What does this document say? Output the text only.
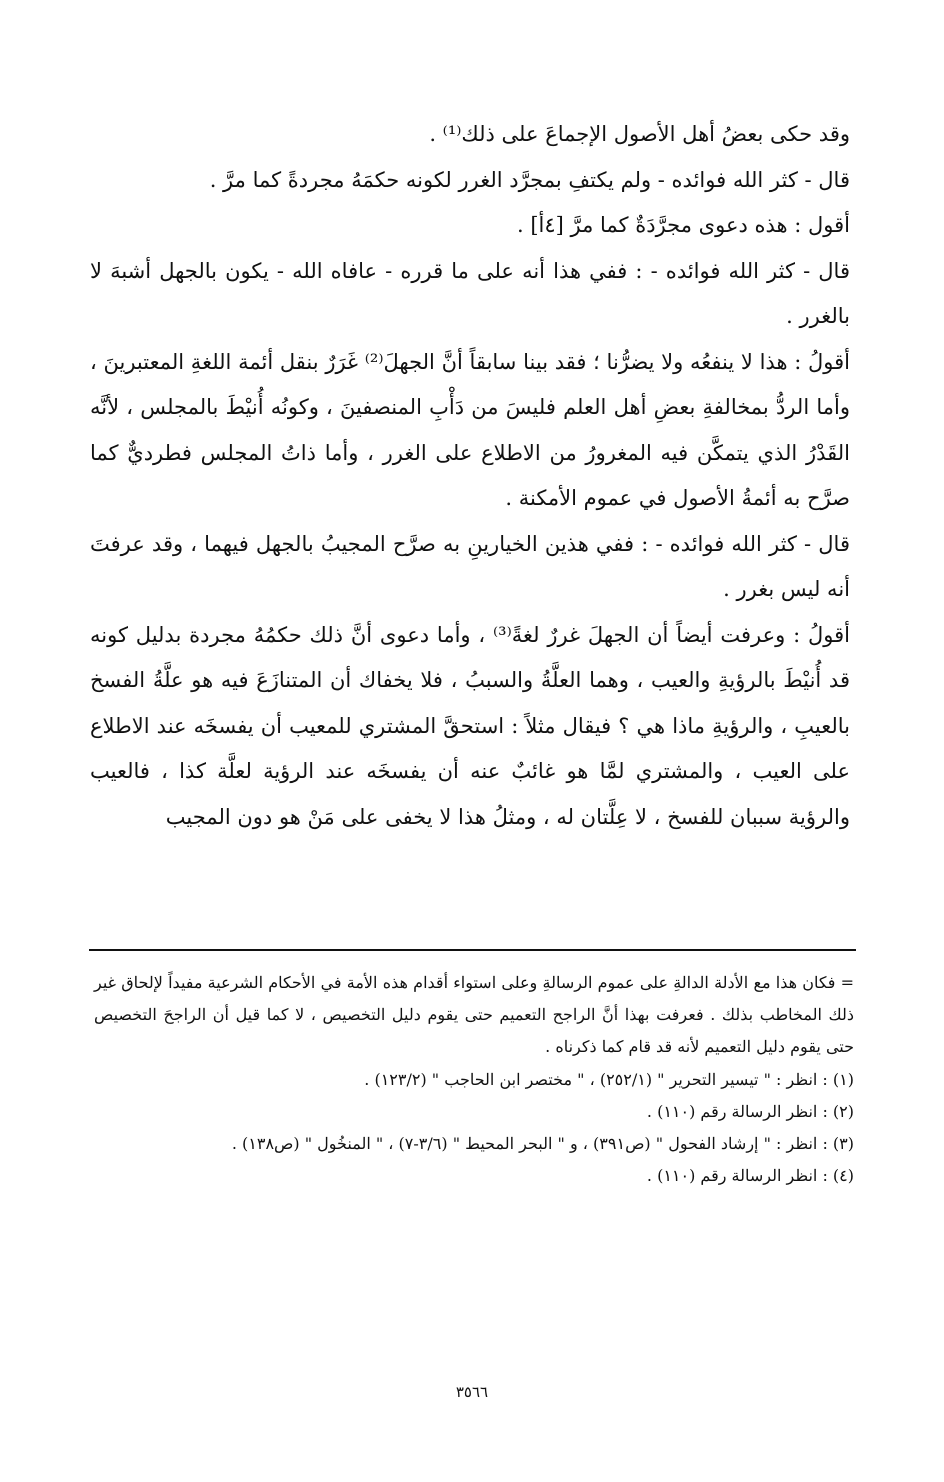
وقد حكى بعضُ أهل الأصول الإجماعَ على ذلك⁽¹⁾ .

قال - كثر الله فوائده - ولم يكتفِ بمجرَّد الغرر لكونه حكمَهُ مجردةً كما مرَّ .

أقول : هذه دعوى مجرَّدَةٌ كما مرَّ [٤أ] .

قال - كثر الله فوائده - : ففي هذا أنه على ما قرره - عافاه الله - يكون بالجهل أشبهَ لا بالغرر .

أقولُ : هذا لا ينفعُه ولا يضرُّنا ؛ فقد بينا سابقاً أنَّ الجهلَ⁽²⁾ غَرَرٌ بنقل أئمة اللغةِ المعتبرينَ ، وأما الردُّ بمخالفةِ بعضِ أهل العلم فليسَ من دَأْبِ المنصفينَ ، وكونُه أُنيْطَ بالمجلس ، لأنَّه القَدْرُ الذي يتمكَّن فيه المغرورُ من الاطلاع على الغرر ، وأما ذاتُ المجلس فطرديٌّ كما صرَّح به أئمةُ الأصول في عموم الأمكنة .

قال - كثر الله فوائده - : ففي هذين الخيارينِ به صرَّح المجيبُ بالجهل فيهما ، وقد عرفتَ أنه ليس بغرر .

أقولُ : وعرفت أيضاً أن الجهلَ غررٌ لغةً⁽³⁾ ، وأما دعوى أنَّ ذلك حكمُهُ مجردة بدليل كونه قد أُنيْطَ بالرؤيةِ والعيب ، وهما العلَّةُ والسببُ ، فلا يخفاك أن المتنازَعَ فيه هو علَّةُ الفسخ بالعيبِ ، والرؤيةِ ماذا هي ؟ فيقال مثلاً : استحقَّ المشتري للمعيب أن يفسخَه عند الاطلاع على العيب ، والمشتري لمَّا هو غائبٌ عنه أن يفسخَه عند الرؤية لعلَّة كذا ، فالعيب والرؤية سببان للفسخ ، لا عِلَّتان له ، ومثلُ هذا لا يخفى على مَنْ هو دون المجيب

= فكان هذا مع الأدلة الدالةِ على عموم الرسالةِ وعلى استواء أقدام هذه الأمة في الأحكام الشرعية مفيداً لإلحاق غير ذلك المخاطب بذلك . فعرفت بهذا أنَّ الراجح التعميم حتى يقوم دليل التخصيص ، لا كما قيل أن الراجحَ التخصيص حتى يقوم دليل التعميم لأنه قد قام كما ذكرناه .

(١) : انظر : " تيسير التحرير " (٢٥٢/١) ، " مختصر ابن الحاجب " (١٢٣/٢) .

(٢) : انظر الرسالة رقم (١١٠) .

(٣) : انظر : " إرشاد الفحول " (ص٣٩١) ، و " البحر المحيط " (٣/٦-٧) ، " المنخُول " (ص١٣٨) .

(٤) : انظر الرسالة رقم (١١٠) .

٣٥٦٦
